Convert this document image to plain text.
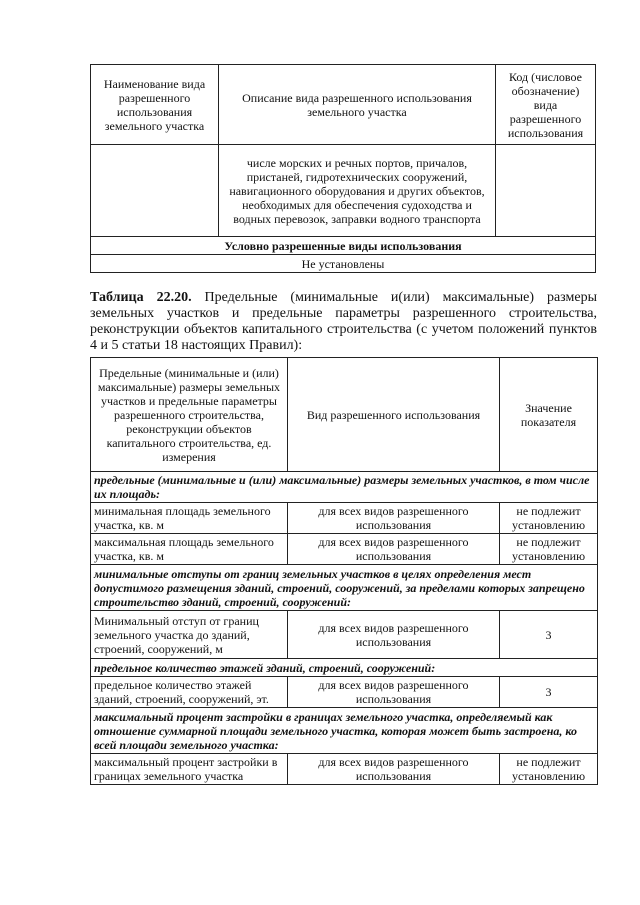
Наименование вида разрешенного использования земельного участка	Описание вида разрешенного использования земельного участка	Код (числовое обозначение) вида разрешенного использования
	числе морских и речных портов, причалов, пристаней, гидротехнических сооружений, навигационного оборудования и других объектов, необходимых для обеспечения судоходства и водных перевозок, заправки водного транспорта	
Условно разрешенные виды использования		
Не установлены		
Таблица 22.20. Предельные (минимальные и(или) максимальные) размеры земельных участков и предельные параметры разрешенного строительства, реконструкции объектов капитального строительства (с учетом положений пунктов 4 и 5 статьи 18 настоящих Правил):
Предельные (минимальные и (или) максимальные) размеры земельных участков и предельные параметры разрешенного строительства, реконструкции объектов капитального строительства, ед. измерения	Вид разрешенного использования	Значение показателя
предельные (минимальные и (или) максимальные) размеры земельных участков, в том числе их площадь:		
минимальная площадь земельного участка, кв. м	для всех видов разрешенного использования	не подлежит установлению
максимальная площадь земельного участка, кв. м	для всех видов разрешенного использования	не подлежит установлению
минимальные отступы от границ земельных участков в целях определения мест допустимого размещения зданий, строений, сооружений, за пределами которых запрещено строительство зданий, строений, сооружений:		
Минимальный отступ от границ земельного участка до зданий, строений, сооружений, м	для всех видов разрешенного использования	3
предельное количество этажей зданий, строений, сооружений:		
предельное количество этажей зданий, строений, сооружений, эт.	для всех видов разрешенного использования	3
максимальный процент застройки в границах земельного участка, определяемый как отношение суммарной площади земельного участка, которая может быть застроена, ко всей площади земельного участка:		
максимальный процент застройки в границах земельного участка	для всех видов разрешенного использования	не подлежит установлению
